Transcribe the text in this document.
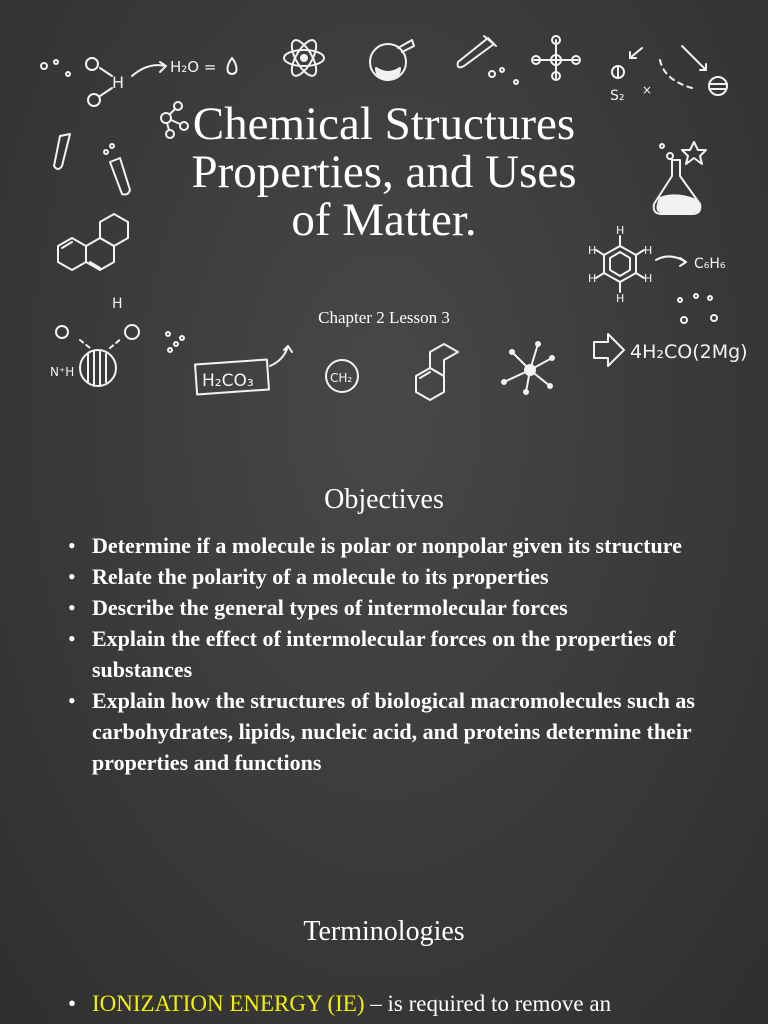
H
H₂O =
S₂ ×
H
H
H
H
H
H
C₆H₆
H
N⁺H	H₂CO₃	CH₂
4H₂CO(2Mg)
Chemical Structures Properties, and Uses of Matter.

Chapter 2 Lesson 3

Objectives
• Determine if a molecule is polar or nonpolar given its structure
• Relate the polarity of a molecule to its properties
• Describe the general types of intermolecular forces
• Explain the effect of intermolecular forces on the properties of substances
• Explain how the structures of biological macromolecules such as carbohydrates, lipids, nucleic acid, and proteins determine their properties and functions
Terminologies
• IONIZATION ENERGY (IE) – is required to remove an
